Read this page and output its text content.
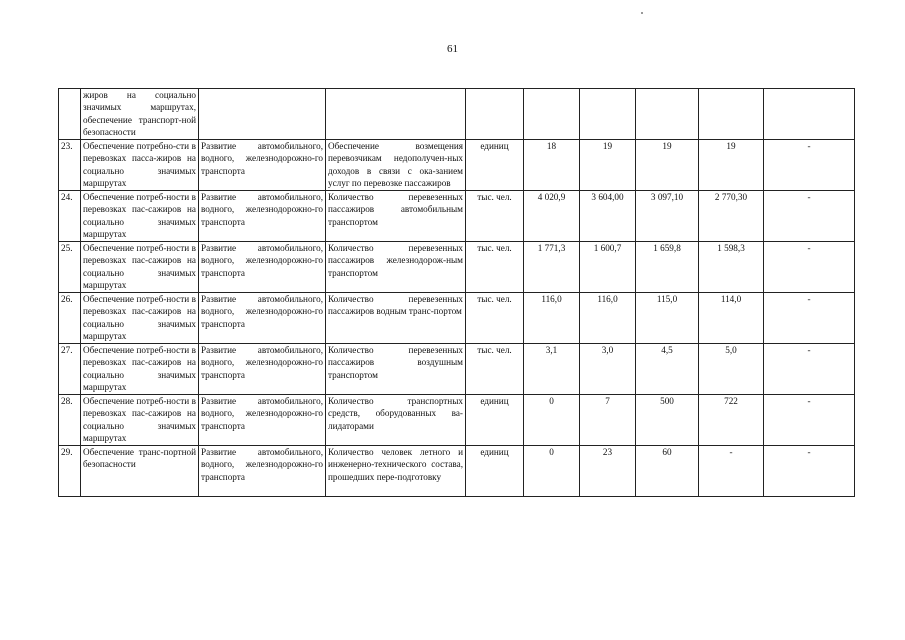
61
	жиров на социально значимых маршрутах, обеспечение транспорт-ной безопасности								
23.	Обеспечение потребно-сти в перевозках пасса-жиров на социально значимых маршрутах	Развитие автомобильного, водного, железнодорожно-го транспорта	Обеспечение возмещения перевозчикам недополучен-ных доходов в связи с ока-занием услуг по перевозке пассажиров	единиц	18	19	19	19	-
24.	Обеспечение потреб-ности в перевозках пас-сажиров на социально значимых маршрутах	Развитие автомобильного, водного, железнодорожно-го транспорта	Количество перевезенных пассажиров автомобильным транспортом	тыс. чел.	4 020,9	3 604,00	3 097,10	2 770,30	-
25.	Обеспечение потреб-ности в перевозках пас-сажиров на социально значимых маршрутах	Развитие автомобильного, водного, железнодорожно-го транспорта	Количество перевезенных пассажиров железнодорож-ным транспортом	тыс. чел.	1 771,3	1 600,7	1 659,8	1 598,3	-
26.	Обеспечение потреб-ности в перевозках пас-сажиров на социально значимых маршрутах	Развитие автомобильного, водного, железнодорожно-го транспорта	Количество перевезенных пассажиров водным транс-портом	тыс. чел.	116,0	116,0	115,0	114,0	-
27.	Обеспечение потреб-ности в перевозках пас-сажиров на социально значимых маршрутах	Развитие автомобильного, водного, железнодорожно-го транспорта	Количество перевезенных пассажиров воздушным транспортом	тыс. чел.	3,1	3,0	4,5	5,0	-
28.	Обеспечение потреб-ности в перевозках пас-сажиров на социально значимых маршрутах	Развитие автомобильного, водного, железнодорожно-го транспорта	Количество транспортных средств, оборудованных ва-лидаторами	единиц	0	7	500	722	-
29.	Обеспечение транс-портной безопасности	Развитие автомобильного, водного, железнодорожно-го транспорта	Количество человек летного и инженерно-технического состава, прошедших пере-подготовку	единиц	0	23	60	-	-
